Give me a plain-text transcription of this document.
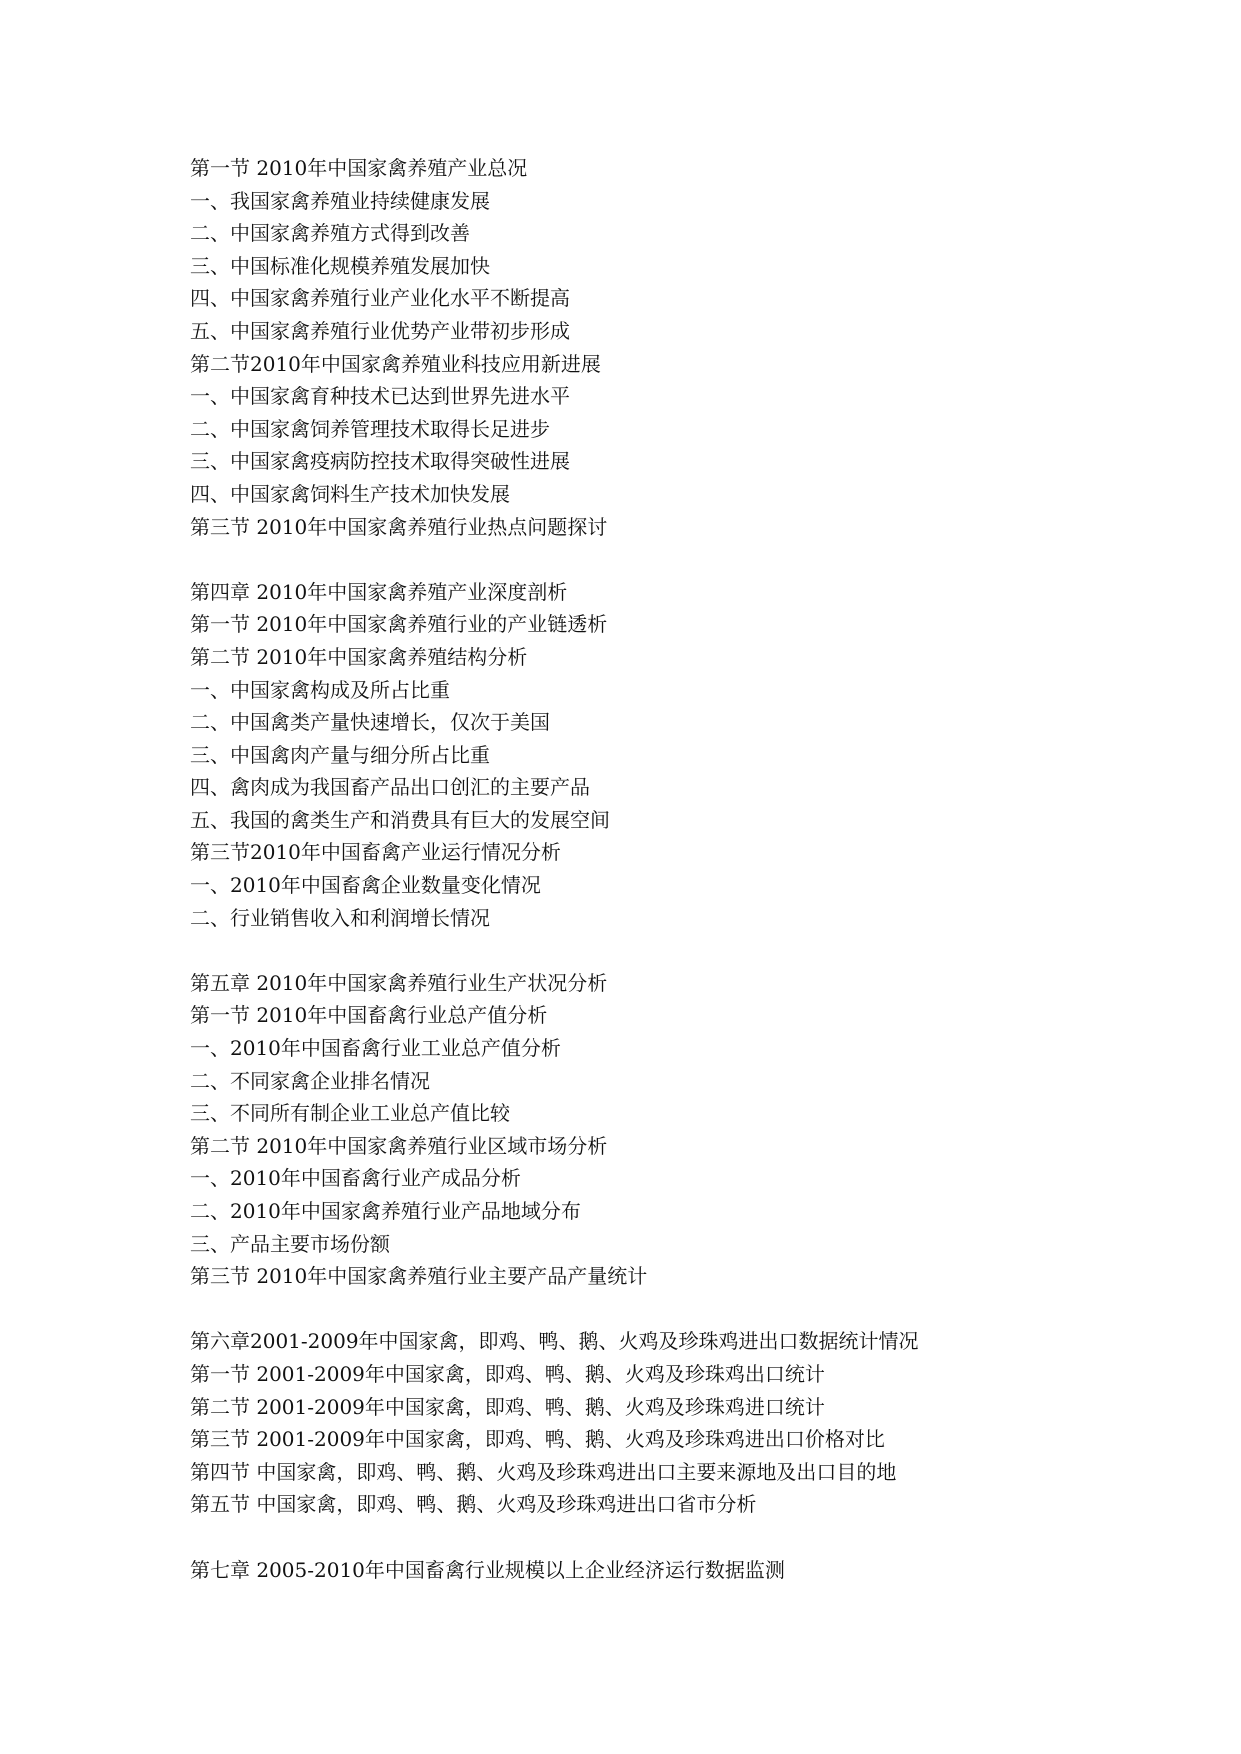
第一节 2010年中国家禽养殖产业总况
一、我国家禽养殖业持续健康发展
二、中国家禽养殖方式得到改善
三、中国标准化规模养殖发展加快
四、中国家禽养殖行业产业化水平不断提高
五、中国家禽养殖行业优势产业带初步形成
第二节2010年中国家禽养殖业科技应用新进展
一、中国家禽育种技术已达到世界先进水平
二、中国家禽饲养管理技术取得长足进步
三、中国家禽疫病防控技术取得突破性进展
四、中国家禽饲料生产技术加快发展
第三节 2010年中国家禽养殖行业热点问题探讨
第四章 2010年中国家禽养殖产业深度剖析
第一节 2010年中国家禽养殖行业的产业链透析
第二节 2010年中国家禽养殖结构分析
一、中国家禽构成及所占比重
二、中国禽类产量快速增长，仅次于美国
三、中国禽肉产量与细分所占比重
四、禽肉成为我国畜产品出口创汇的主要产品
五、我国的禽类生产和消费具有巨大的发展空间
第三节2010年中国畜禽产业运行情况分析
一、2010年中国畜禽企业数量变化情况
二、行业销售收入和利润增长情况
第五章 2010年中国家禽养殖行业生产状况分析
第一节 2010年中国畜禽行业总产值分析
一、2010年中国畜禽行业工业总产值分析
二、不同家禽企业排名情况
三、不同所有制企业工业总产值比较
第二节 2010年中国家禽养殖行业区域市场分析
一、2010年中国畜禽行业产成品分析
二、2010年中国家禽养殖行业产品地域分布
三、产品主要市场份额
第三节 2010年中国家禽养殖行业主要产品产量统计
第六章2001-2009年中国家禽，即鸡、鸭、鹅、火鸡及珍珠鸡进出口数据统计情况
第一节 2001-2009年中国家禽，即鸡、鸭、鹅、火鸡及珍珠鸡出口统计
第二节 2001-2009年中国家禽，即鸡、鸭、鹅、火鸡及珍珠鸡进口统计
第三节 2001-2009年中国家禽，即鸡、鸭、鹅、火鸡及珍珠鸡进出口价格对比
第四节 中国家禽，即鸡、鸭、鹅、火鸡及珍珠鸡进出口主要来源地及出口目的地
第五节 中国家禽，即鸡、鸭、鹅、火鸡及珍珠鸡进出口省市分析
第七章 2005-2010年中国畜禽行业规模以上企业经济运行数据监测
